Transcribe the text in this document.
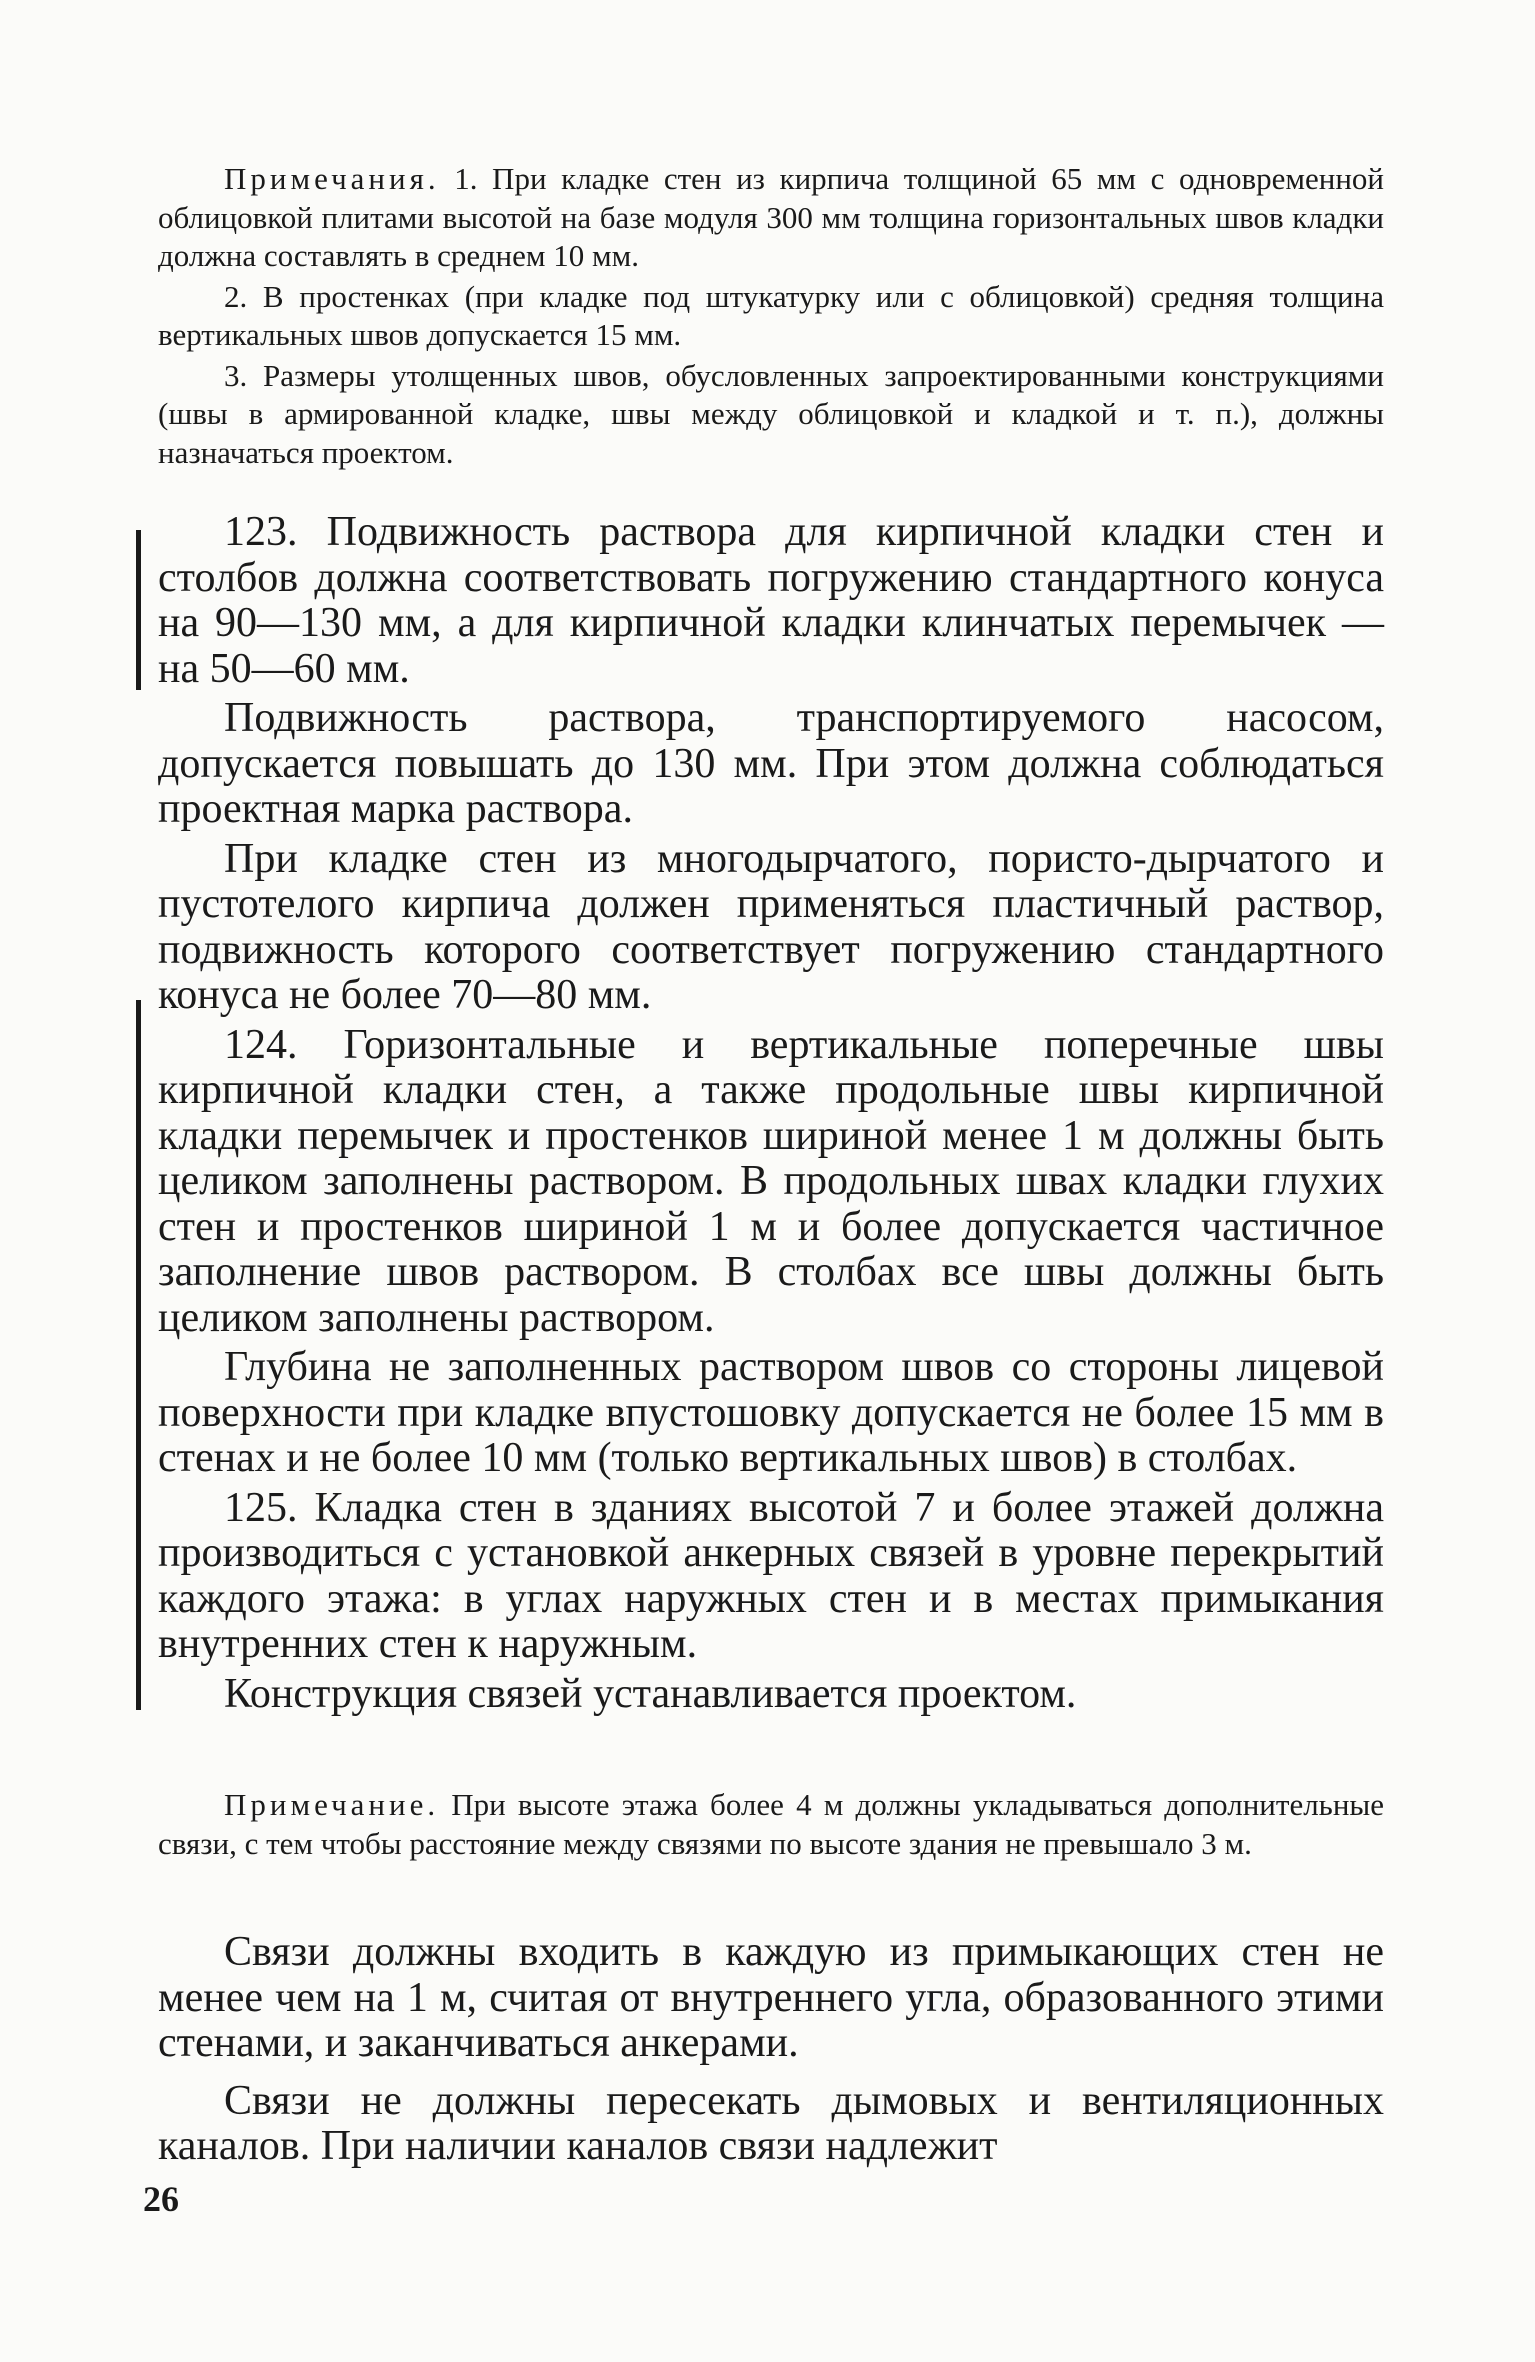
Примечания. 1. При кладке стен из кирпича толщиной 65 мм с одновременной облицовкой плитами высотой на базе модуля 300 мм толщина горизонтальных швов кладки должна составлять в среднем 10 мм.

2. В простенках (при кладке под штукатурку или с облицовкой) средняя толщина вертикальных швов допускается 15 мм.

3. Размеры утолщенных швов, обусловленных запроектированными конструкциями (швы в армированной кладке, швы между облицовкой и кладкой и т. п.), должны назначаться проектом.

123. Подвижность раствора для кирпичной кладки стен и столбов должна соответствовать погружению стандартного конуса на 90—130 мм, а для кирпичной кладки клинчатых перемычек — на 50—60 мм.

Подвижность раствора, транспортируемого насосом, допускается повышать до 130 мм. При этом должна соблюдаться проектная марка раствора.

При кладке стен из многодырчатого, пористо-дырчатого и пустотелого кирпича должен применяться пластичный раствор, подвижность которого соответствует погружению стандартного конуса не более 70—80 мм.

124. Горизонтальные и вертикальные поперечные швы кирпичной кладки стен, а также продольные швы кирпичной кладки перемычек и простенков шириной менее 1 м должны быть целиком заполнены раствором. В продольных швах кладки глухих стен и простенков шириной 1 м и более допускается частичное заполнение швов раствором. В столбах все швы должны быть целиком заполнены раствором.

Глубина не заполненных раствором швов со стороны лицевой поверхности при кладке впустошовку допускается не более 15 мм в стенах и не более 10 мм (только вертикальных швов) в столбах.

125. Кладка стен в зданиях высотой 7 и более этажей должна производиться с установкой анкерных связей в уровне перекрытий каждого этажа: в углах наружных стен и в местах примыкания внутренних стен к наружным.

Конструкция связей устанавливается проектом.

Примечание. При высоте этажа более 4 м должны укладываться дополнительные связи, с тем чтобы расстояние между связями по высоте здания не превышало 3 м.

Связи должны входить в каждую из примыкающих стен не менее чем на 1 м, считая от внутреннего угла, образованного этими стенами, и заканчиваться анкерами.

Связи не должны пересекать дымовых и вентиляционных каналов. При наличии каналов связи надлежит

26
